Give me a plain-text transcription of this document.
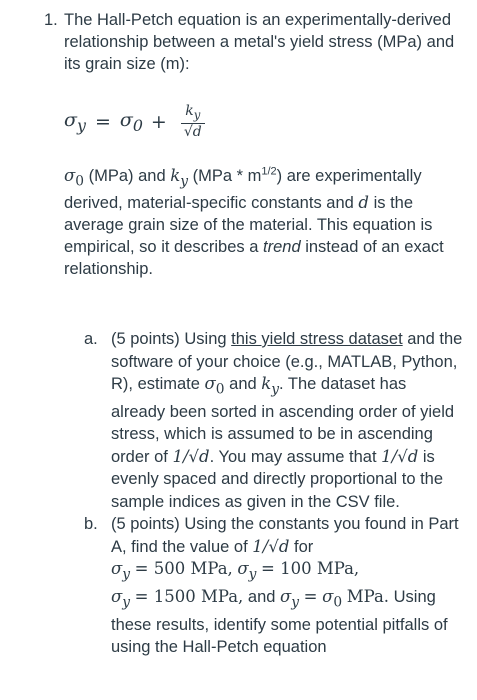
1. The Hall-Petch equation is an experimentally-derived relationship between a metal's yield stress (MPa) and its grain size (m):
$\sigma_y = \sigma_0 + \frac{k_y}{√d}$
$\sigma_0$ (MPa) and $k_y$ $(MPa * m^{1/2})$ are experimentally derived, material-specific constants and d is the average grain size of the material. This equation is empirical, so it describes a trend instead of an exact relationship.
a. (5 points) Using this yield stress dataset and the software of your choice (e.g., MATLAB, Python, R), estimate $\sigma_0$ and $k_y$. The dataset has already been sorted in ascending order of yield stress, which is assumed to be in ascending order of 1/√d. You may assume that 1/√d is evenly spaced and directly proportional to the sample indices as given in the CSV file.
b. (5 points) Using the constants you found in Part A, find the value of 1/√d for
$\sigma_y = 500$ MPa, $\sigma_y = 100$ MPa,
$\sigma_y = 1500$ MPa, and $\sigma_y = \sigma_0$ MPa. Using these results, identify some potential pitfalls of using the Hall-Petch equation
